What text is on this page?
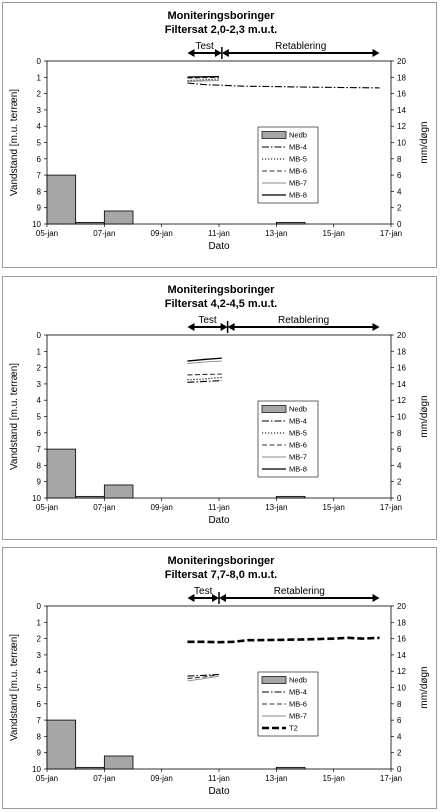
Moniteringsboringer
Filtersat 2,0-2,3 m.u.t.
0
1
2
3
4
5
6
7
8
9
10	0
2
4
6
8
10
12
14
16
18
20
05-jan	07-jan	09-jan	11-jan	13-jan	15-jan	17-jan
Dato
Vandstand [m.u. terræn]	mm/døgn
Test	Retablering
Nedb
MB-4
MB-5
MB-6
MB-7
MB-8
Moniteringsboringer
Filtersat 4,2-4,5 m.u.t.
0
1
2
3
4
5
6
7
8
9
10	0
2
4
6
8
10
12
14
16
18
20
05-jan	07-jan	09-jan	11-jan	13-jan	15-jan	17-jan
Dato
Vandstand [m.u. terræn]	mm/døgn
Test	Retablering
Nedb
MB-4
MB-5
MB-6
MB-7
MB-8
Moniteringsboringer
Filtersat 7,7-8,0 m.u.t.
0
1
2
3
4
5
6
7
8
9
10	0
2
4
6
8
10
12
14
16
18
20
05-jan	07-jan	09-jan	11-jan	13-jan	15-jan	17-jan
Dato
Vandstand [m.u. terræn]	mm/døgn
Test	Retablering
Nedb
MB-4
MB-6
MB-7
T2
